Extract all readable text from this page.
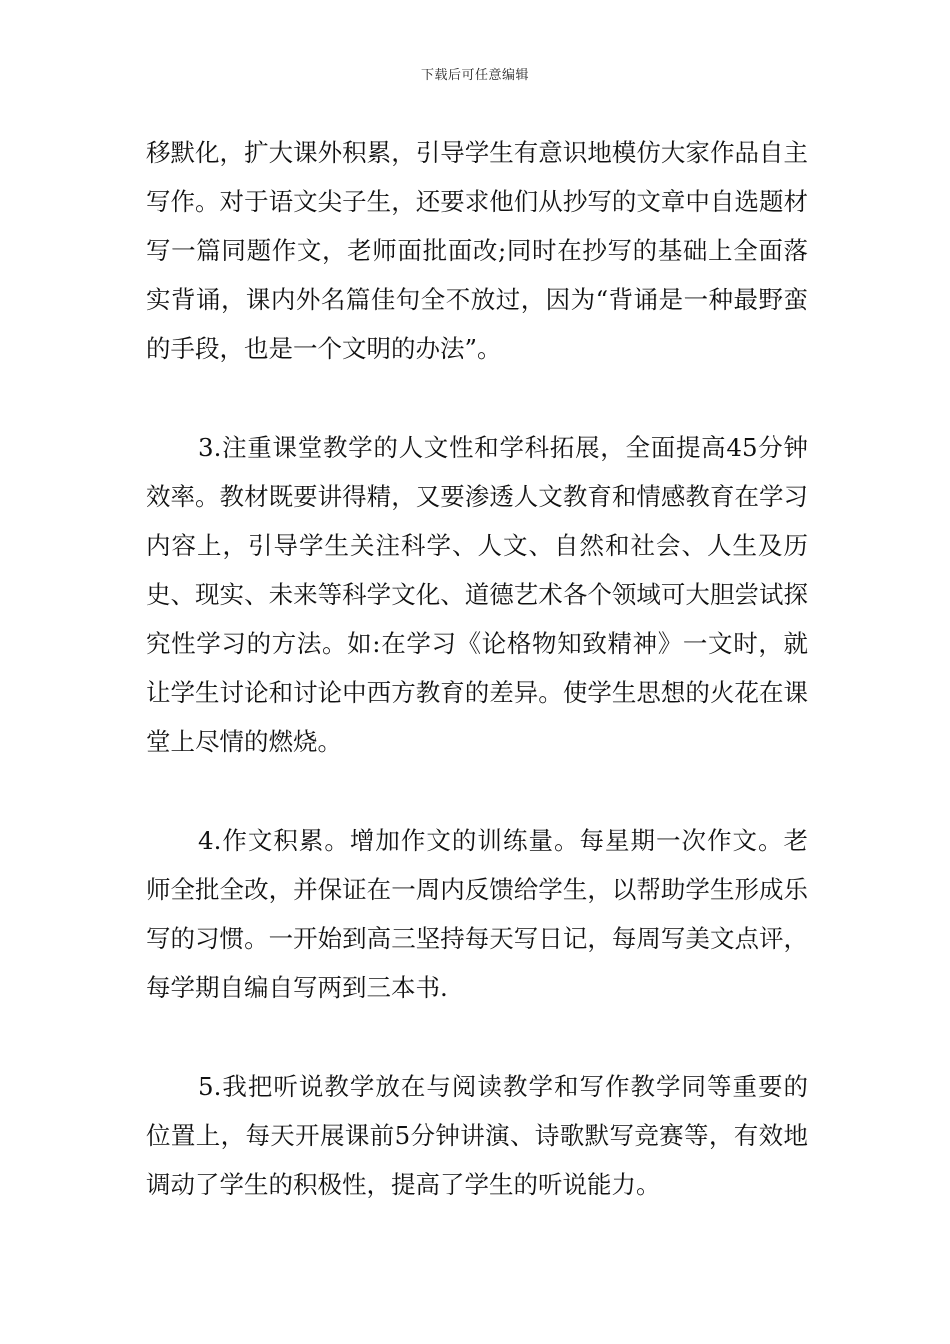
下载后可任意编辑

移默化，扩大课外积累，引导学生有意识地模仿大家作品自主写作。对于语文尖子生，还要求他们从抄写的文章中自选题材写一篇同题作文，老师面批面改;同时在抄写的基础上全面落实背诵，课内外名篇佳句全不放过，因为“背诵是一种最野蛮的手段，也是一个文明的办法”。

3.注重课堂教学的人文性和学科拓展，全面提高45分钟效率。教材既要讲得精，又要渗透人文教育和情感教育在学习内容上，引导学生关注科学、人文、自然和社会、人生及历史、现实、未来等科学文化、道德艺术各个领域可大胆尝试探究性学习的方法。如:在学习《论格物知致精神》一文时，就让学生讨论和讨论中西方教育的差异。使学生思想的火花在课堂上尽情的燃烧。

4.作文积累。增加作文的训练量。每星期一次作文。老师全批全改，并保证在一周内反馈给学生，以帮助学生形成乐写的习惯。一开始到高三坚持每天写日记，每周写美文点评，每学期自编自写两到三本书.

5.我把听说教学放在与阅读教学和写作教学同等重要的位置上，每天开展课前5分钟讲演、诗歌默写竞赛等，有效地调动了学生的积极性，提高了学生的听说能力。
